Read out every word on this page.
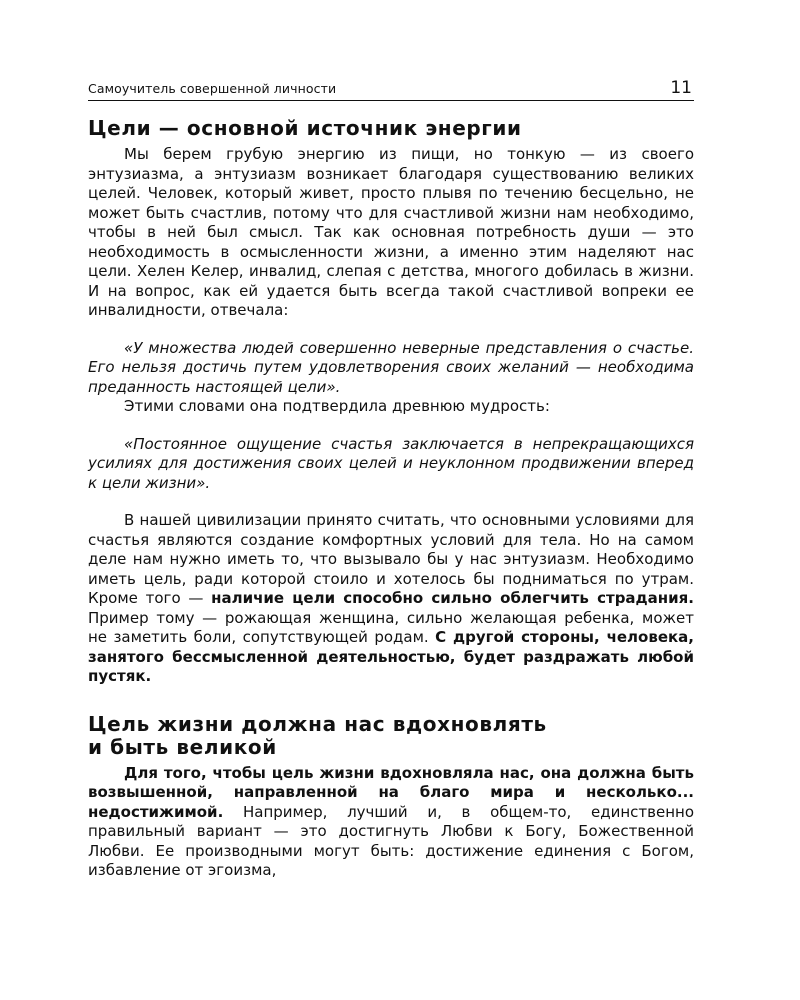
Самоучитель совершенной личности	11
Цели — основной источник энергии

Мы берем грубую энергию из пищи, но тонкую — из своего энтузиазма, а энтузиазм возникает благодаря существованию великих целей. Человек, который живет, просто плывя по течению бесцельно, не может быть счастлив, потому что для счастливой жизни нам необходимо, чтобы в ней был смысл. Так как основная потребность души — это необходимость в осмысленности жизни, а именно этим наделяют нас цели. Хелен Келер, инвалид, слепая с детства, многого добилась в жизни. И на вопрос, как ей удается быть всегда такой счастливой вопреки ее инвалидности, отвечала:

«У множества людей совершенно неверные представления о счастье. Его нельзя достичь путем удовлетворения своих желаний — необходима преданность настоящей цели».

Этими словами она подтвердила древнюю мудрость:

«Постоянное ощущение счастья заключается в непрекращающихся усилиях для достижения своих целей и неуклонном продвижении вперед к цели жизни».

В нашей цивилизации принято считать, что основными условиями для счастья являются создание комфортных условий для тела. Но на самом деле нам нужно иметь то, что вызывало бы у нас энтузиазм. Необходимо иметь цель, ради которой стоило и хотелось бы подниматься по утрам. Кроме того — наличие цели способно сильно облегчить страдания. Пример тому — рожающая женщина, сильно желающая ребенка, может не заметить боли, сопутствующей родам. С другой стороны, человека, занятого бессмысленной деятельностью, будет раздражать любой пустяк.

Цель жизни должна нас вдохновлять
и быть великой

Для того, чтобы цель жизни вдохновляла нас, она должна быть возвышенной, направленной на благо мира и несколько... недостижимой. Например, лучший и, в общем-то, единственно правильный вариант — это достигнуть Любви к Богу, Божественной Любви. Ее производными могут быть: достижение единения с Богом, избавление от эгоизма,
